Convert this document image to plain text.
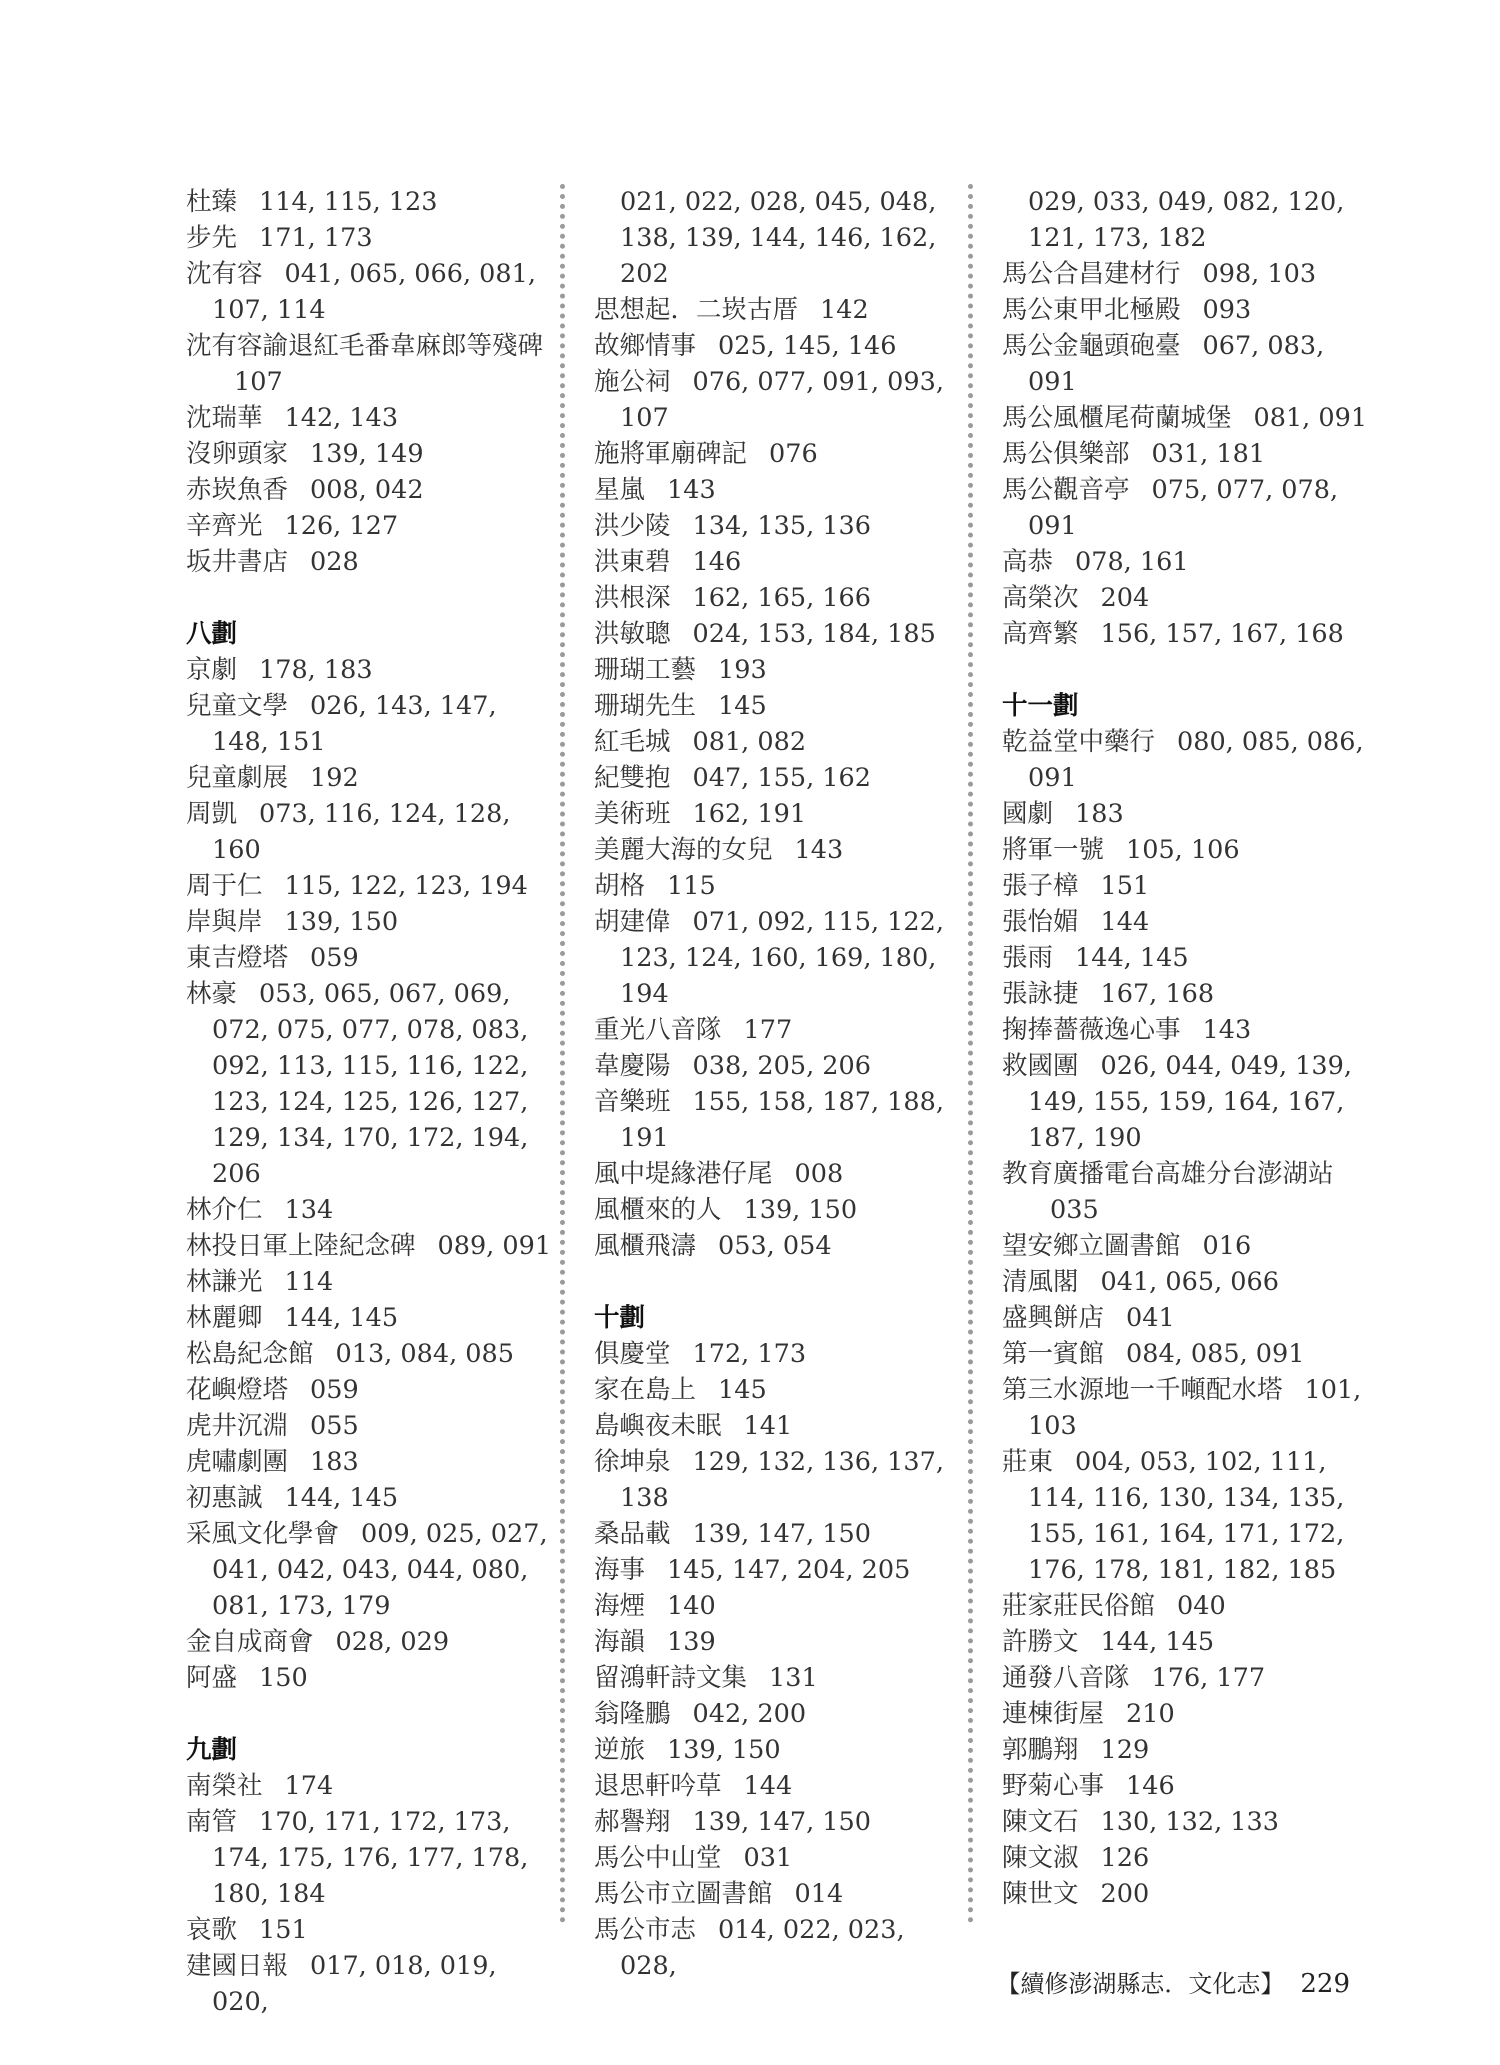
杜臻 114, 115, 123
步先 171, 173
沈有容 041, 065, 066, 081, 107, 114
沈有容諭退紅毛番韋麻郎等殘碑107
沈瑞華 142, 143
沒卵頭家 139, 149
赤崁魚香 008, 042
辛齊光 126, 127
坂井書店 028
八劃
京劇 178, 183
兒童文學 026, 143, 147, 148, 151
兒童劇展 192
周凱 073, 116, 124, 128, 160
周于仁 115, 122, 123, 194
岸與岸 139, 150
東吉燈塔 059
林豪 053, 065, 067, 069, 072, 075, 077, 078, 083, 092, 113, 115, 116, 122, 123, 124, 125, 126, 127, 129, 134, 170, 172, 194, 206
林介仁 134
林投日軍上陸紀念碑 089, 091
林謙光 114
林麗卿 144, 145
松島紀念館 013, 084, 085
花嶼燈塔 059
虎井沉淵 055
虎嘯劇團 183
初惠誠 144, 145
采風文化學會 009, 025, 027, 041, 042, 043, 044, 080, 081, 173, 179
金自成商會 028, 029
阿盛 150
九劃
南榮社 174
南管 170, 171, 172, 173, 174, 175, 176, 177, 178, 180, 184
哀歌 151
建國日報 017, 018, 019, 020,
021, 022, 028, 045, 048, 138, 139, 144, 146, 162, 202
思想起．二崁古厝 142
故鄉情事 025, 145, 146
施公祠 076, 077, 091, 093, 107
施將軍廟碑記 076
星嵐 143
洪少陵 134, 135, 136
洪東碧 146
洪根深 162, 165, 166
洪敏聰 024, 153, 184, 185
珊瑚工藝 193
珊瑚先生 145
紅毛城 081, 082
紀雙抱 047, 155, 162
美術班 162, 191
美麗大海的女兒 143
胡格 115
胡建偉 071, 092, 115, 122, 123, 124, 160, 169, 180, 194
重光八音隊 177
韋慶陽 038, 205, 206
音樂班 155, 158, 187, 188, 191
風中堤緣港仔尾 008
風櫃來的人 139, 150
風櫃飛濤 053, 054
十劃
俱慶堂 172, 173
家在島上 145
島嶼夜未眠 141
徐坤泉 129, 132, 136, 137, 138
桑品載 139, 147, 150
海事 145, 147, 204, 205
海煙 140
海韻 139
留鴻軒詩文集 131
翁隆鵬 042, 200
逆旅 139, 150
退思軒吟草 144
郝譽翔 139, 147, 150
馬公中山堂 031
馬公市立圖書館 014
馬公市志 014, 022, 023, 028,
029, 033, 049, 082, 120, 121, 173, 182
馬公合昌建材行 098, 103
馬公東甲北極殿 093
馬公金龜頭砲臺 067, 083, 091
馬公風櫃尾荷蘭城堡 081, 091
馬公俱樂部 031, 181
馬公觀音亭 075, 077, 078, 091
高恭 078, 161
高榮次 204
高齊繁 156, 157, 167, 168
十一劃
乾益堂中藥行 080, 085, 086, 091
國劇 183
將軍一號 105, 106
張子樟 151
張怡媚 144
張雨 144, 145
張詠捷 167, 168
掬捧薔薇逸心事 143
救國團 026, 044, 049, 139, 149, 155, 159, 164, 167, 187, 190
教育廣播電台高雄分台澎湖站035
望安鄉立圖書館 016
清風閣 041, 065, 066
盛興餅店 041
第一賓館 084, 085, 091
第三水源地一千噸配水塔 101, 103
莊東 004, 053, 102, 111, 114, 116, 130, 134, 135, 155, 161, 164, 171, 172, 176, 178, 181, 182, 185
莊家莊民俗館 040
許勝文 144, 145
通發八音隊 176, 177
連棟街屋 210
郭鵬翔 129
野菊心事 146
陳文石 130, 132, 133
陳文淑 126
陳世文 200
【續修澎湖縣志．文化志】 229
